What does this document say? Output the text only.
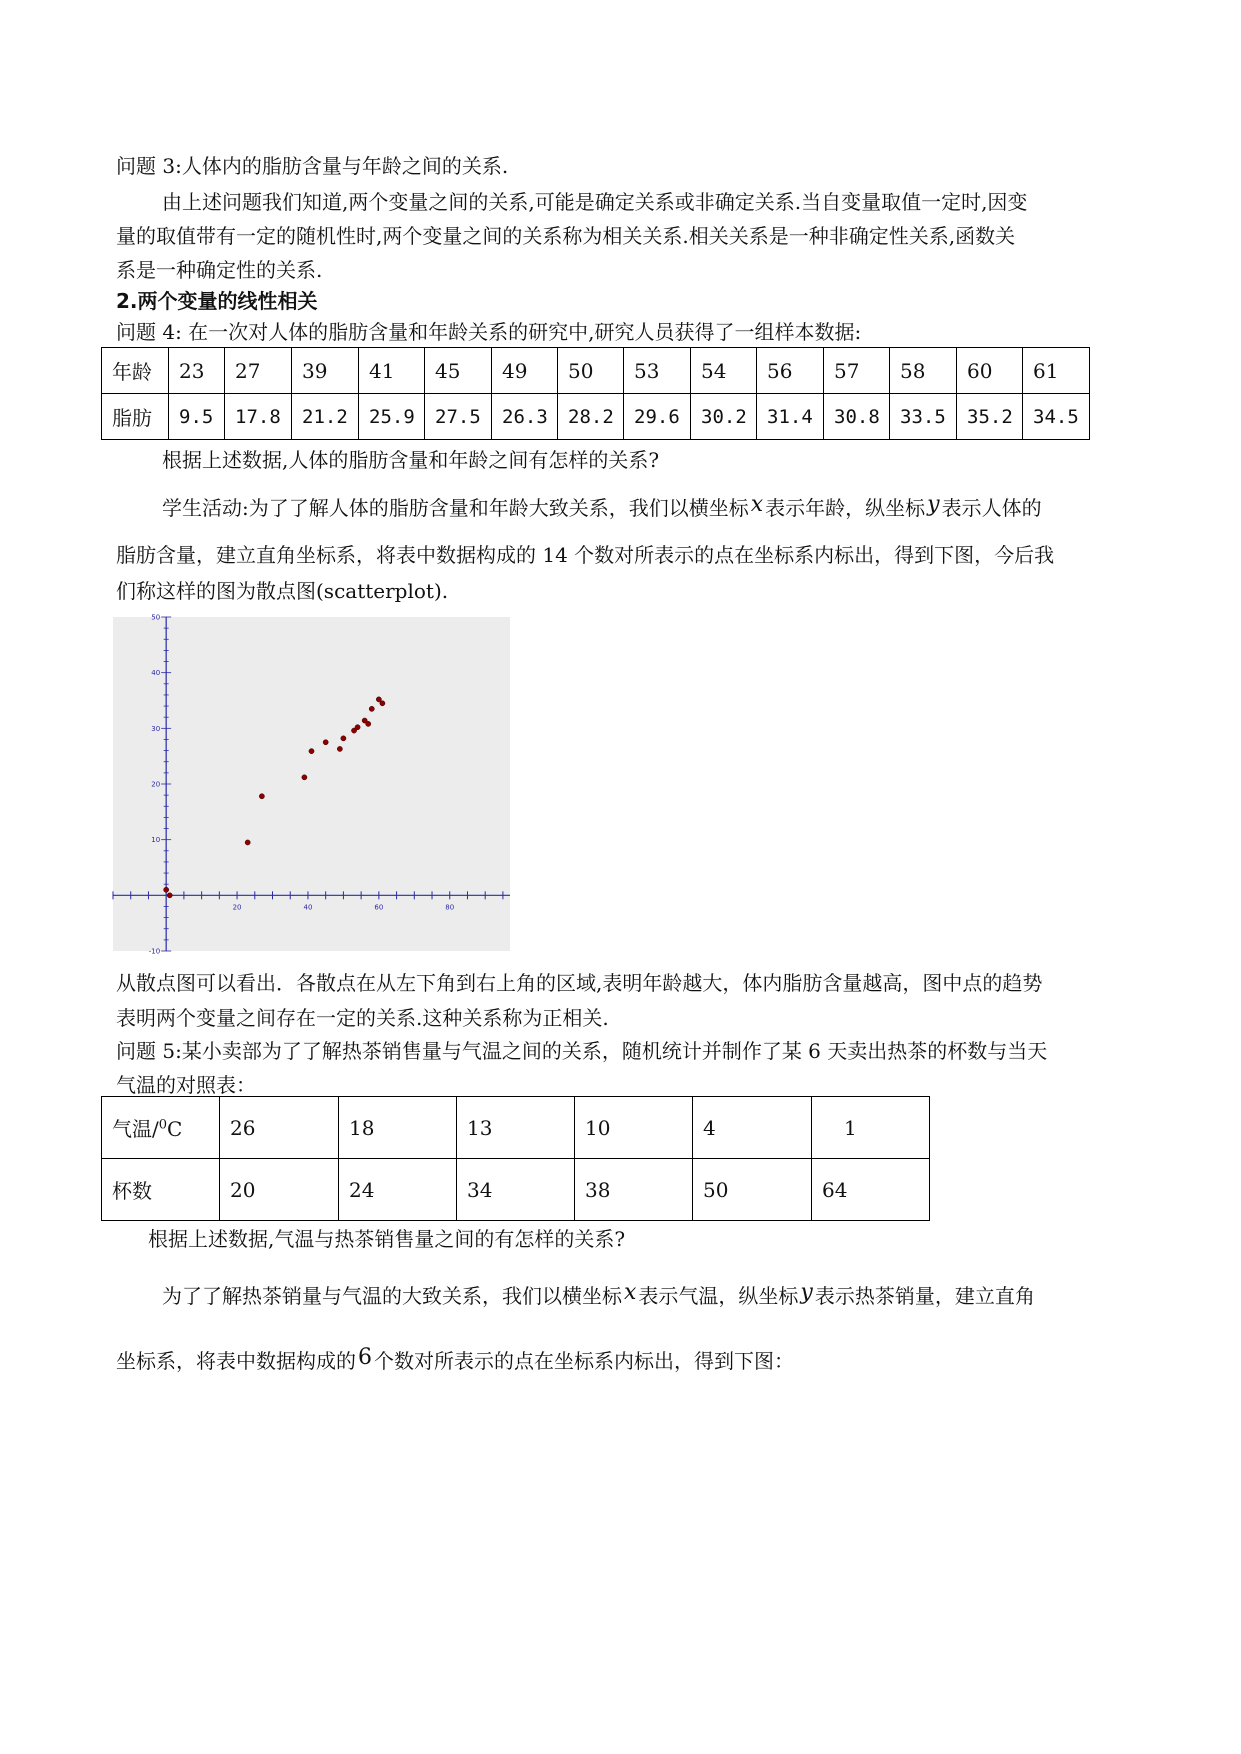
问题 3:人体内的脂肪含量与年龄之间的关系.
由上述问题我们知道,两个变量之间的关系,可能是确定关系或非确定关系.当自变量取值一定时,因变
量的取值带有一定的随机性时,两个变量之间的关系称为相关关系.相关关系是一种非确定性关系,函数关
系是一种确定性的关系.
2.两个变量的线性相关
问题 4: 在一次对人体的脂肪含量和年龄关系的研究中,研究人员获得了一组样本数据:
年龄	23	27	39	41	45	49	50	53	54	56	57	58	60	61
脂肪	9.5	17.8	21.2	25.9	27.5	26.3	28.2	29.6	30.2	31.4	30.8	33.5	35.2	34.5
根据上述数据,人体的脂肪含量和年龄之间有怎样的关系?
学生活动:为了了解人体的脂肪含量和年龄大致关系，我们以横坐标x 表示年龄，纵坐标y 表示人体的
脂肪含量，建立直角坐标系，将表中数据构成的 14 个数对所表示的点在坐标系内标出，得到下图，今后我
们称这样的图为散点图(scatterplot).
20	40	60	80
10
20
30
40
50
-10
从散点图可以看出．各散点在从左下角到右上角的区域,表明年龄越大，体内脂肪含量越高，图中点的趋势
表明两个变量之间存在一定的关系.这种关系称为正相关.
问题 5:某小卖部为了了解热茶销售量与气温之间的关系，随机统计并制作了某 6 天卖出热茶的杯数与当天
气温的对照表：
气温/$^0$C	26	18	13	10	4	1
杯数	20	24	34	38	50	64
根据上述数据,气温与热茶销售量之间的有怎样的关系?
为了了解热茶销量与气温的大致关系，我们以横坐标x 表示气温，纵坐标y 表示热茶销量，建立直角
坐标系，将表中数据构成的6 个数对所表示的点在坐标系内标出，得到下图：
